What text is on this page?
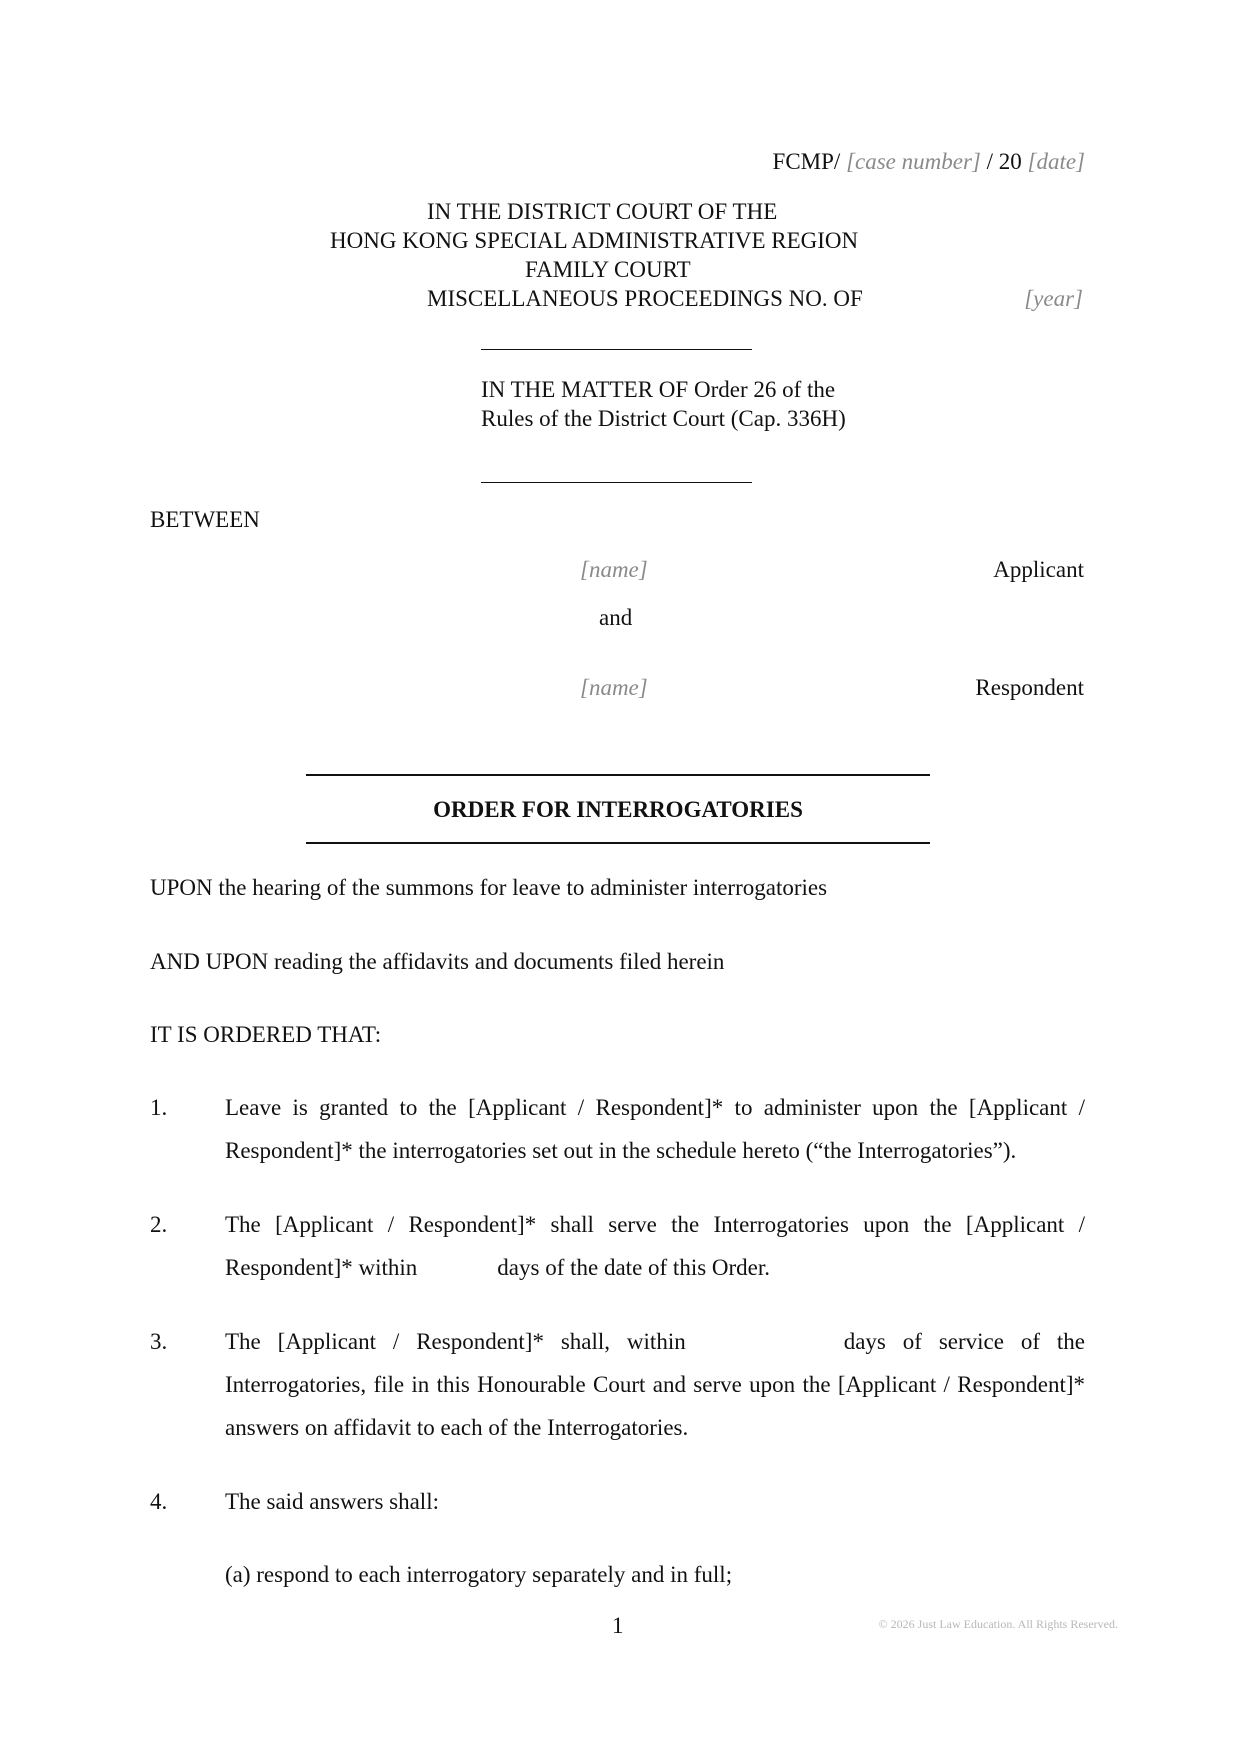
FCMP/ [case number] / 20 [date]
IN THE DISTRICT COURT OF THE
HONG KONG SPECIAL ADMINISTRATIVE REGION
FAMILY COURT
MISCELLANEOUS PROCEEDINGS NO. OF	[year]
IN THE MATTER OF Order 26 of the
Rules of the District Court (Cap. 336H)
BETWEEN
[name]	Applicant
and
[name]	Respondent
ORDER FOR INTERROGATORIES
UPON the hearing of the summons for leave to administer interrogatories
AND UPON reading the affidavits and documents filed herein
IT IS ORDERED THAT:
1.	Leave is granted to the [Applicant / Respondent]* to administer upon the [Applicant / Respondent]* the interrogatories set out in the schedule hereto (“the Interrogatories”).
2.	The [Applicant / Respondent]* shall serve the Interrogatories upon the [Applicant / Respondent]* within	days of the date of this Order.
3.	The [Applicant / Respondent]* shall, within	days of service of the Interrogatories, file in this Honourable Court and serve upon the [Applicant / Respondent]* answers on affidavit to each of the Interrogatories.
4.	The said answers shall:
(a) respond to each interrogatory separately and in full;
1	© 2026 Just Law Education. All Rights Reserved.
